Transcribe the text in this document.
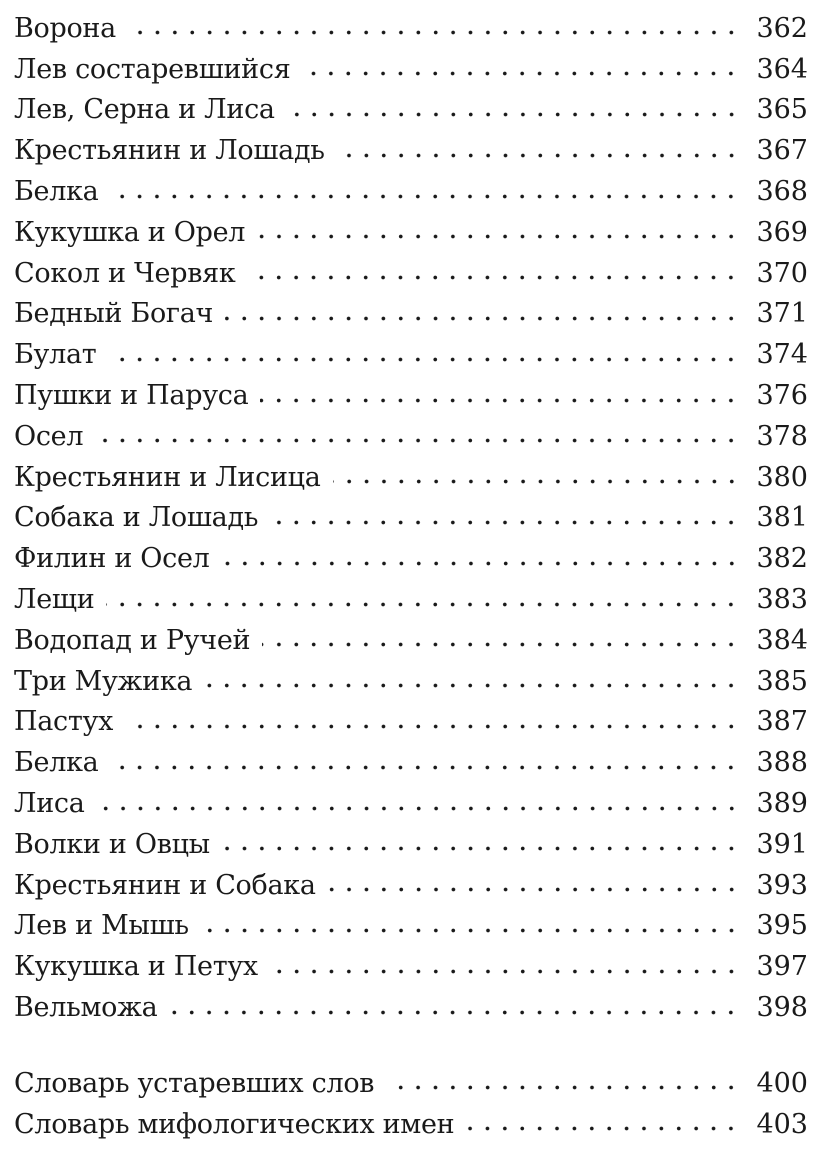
Ворона	362
Лев состаревшийся	364
Лев, Серна и Лиса	365
Крестьянин и Лошадь	367
Белка	368
Кукушка и Орел	369
Сокол и Червяк	370
Бедный Богач	371
Булат	374
Пушки и Паруса	376
Осел	378
Крестьянин и Лисица	380
Собака и Лошадь	381
Филин и Осел	382
Лещи	383
Водопад и Ручей	384
Три Мужика	385
Пастух	387
Белка	388
Лиса	389
Волки и Овцы	391
Крестьянин и Собака	393
Лев и Мышь	395
Кукушка и Петух	397
Вельможа	398
Словарь устаревших слов	400
Словарь мифологических имен	403
